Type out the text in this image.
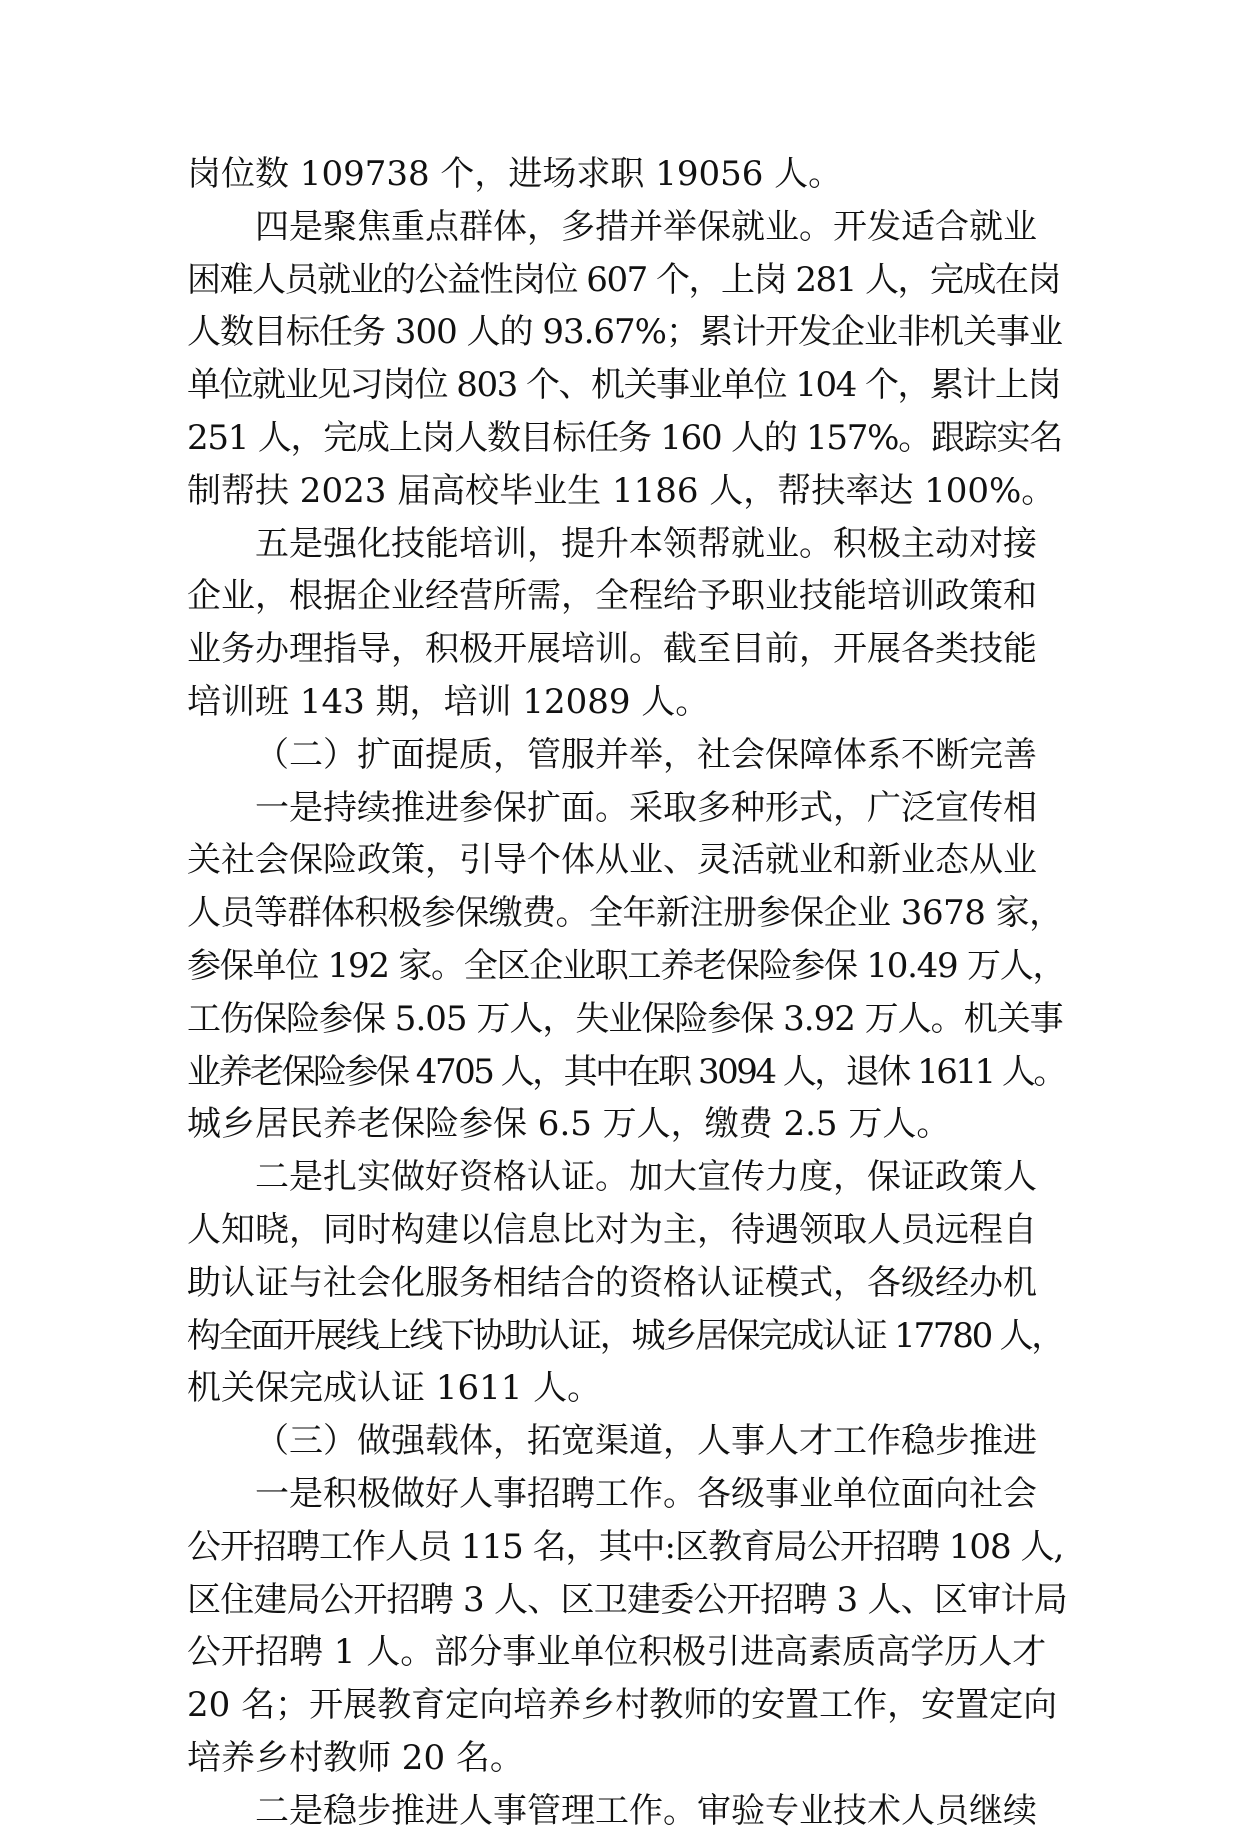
岗位数 109738 个，进场求职 19056 人。
四是聚焦重点群体，多措并举保就业。开发适合就业
困难人员就业的公益性岗位 607 个，上岗 281 人，完成在岗
人数目标任务 300 人的 93.67%；累计开发企业非机关事业
单位就业见习岗位 803 个、机关事业单位 104 个，累计上岗
251 人，完成上岗人数目标任务 160 人的 157%。跟踪实名
制帮扶 2023 届高校毕业生 1186 人，帮扶率达 100%。
五是强化技能培训，提升本领帮就业。积极主动对接
企业，根据企业经营所需，全程给予职业技能培训政策和
业务办理指导，积极开展培训。截至目前，开展各类技能
培训班 143 期，培训 12089 人。
（二）扩面提质，管服并举，社会保障体系不断完善
一是持续推进参保扩面。采取多种形式，广泛宣传相
关社会保险政策，引导个体从业、灵活就业和新业态从业
人员等群体积极参保缴费。全年新注册参保企业 3678 家，
参保单位 192 家。全区企业职工养老保险参保 10.49 万人，
工伤保险参保 5.05 万人，失业保险参保 3.92 万人。机关事
业养老保险参保 4705 人，其中在职 3094 人，退休 1611 人。
城乡居民养老保险参保 6.5 万人，缴费 2.5 万人。
二是扎实做好资格认证。加大宣传力度，保证政策人
人知晓，同时构建以信息比对为主，待遇领取人员远程自
助认证与社会化服务相结合的资格认证模式，各级经办机
构全面开展线上线下协助认证，城乡居保完成认证 17780 人，
机关保完成认证 1611 人。
（三）做强载体，拓宽渠道，人事人才工作稳步推进
一是积极做好人事招聘工作。各级事业单位面向社会
公开招聘工作人员 115 名，其中:区教育局公开招聘 108 人,
区住建局公开招聘 3 人、区卫建委公开招聘 3 人、区审计局
公开招聘 1 人。部分事业单位积极引进高素质高学历人才
20 名；开展教育定向培养乡村教师的安置工作，安置定向
培养乡村教师 20 名。
二是稳步推进人事管理工作。审验专业技术人员继续
